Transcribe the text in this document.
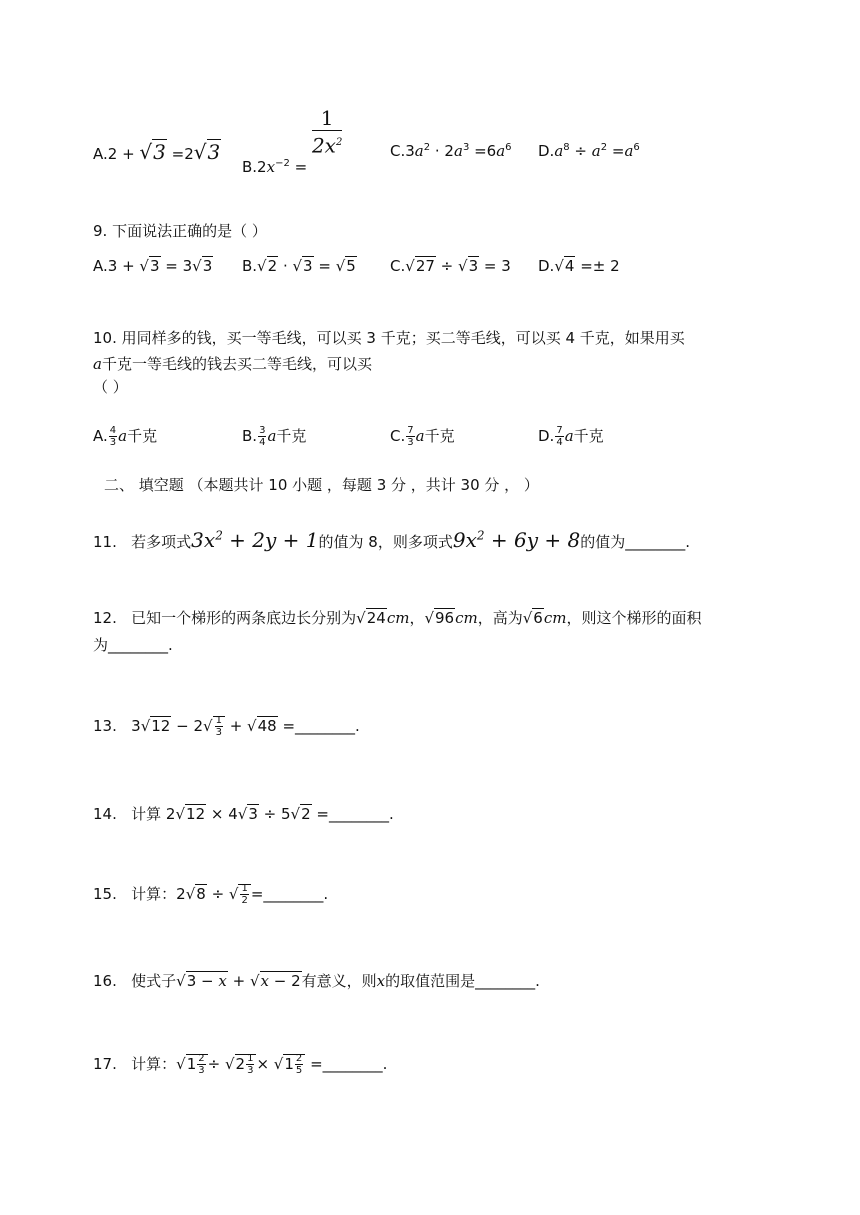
A.2 + √3 =2√3
$B.2x^{-2}$ =
$\frac{1}{2x^2}$	$C.3a^2 \cdot 2a^3 =6a^6$ $D.a^8 \div a^2 =a^6$
9. 下面说法正确的是（ ）
A.3 + √3 = 3√3 B.√2 · √3 = √5 C.√27 ÷ √3 = 3 D.√4 =± 2
10. 用同样多的钱，买一等毛线，可以买 3 千克；买二等毛线，可以买 4 千克，如果用买
a千克一等毛线的钱去买二等毛线，可以买
（ ）
A. $\frac{4}{3}$ a千克	B. $\frac{3}{4}$ a千克	C. $\frac{7}{3}$ a千克	D. $\frac{7}{4}$ a千克
二、 填空题 （本题共计 10 小题 ，每题 3 分 ，共计 30 分 ， ）
11.   若多项式$3x^2 + 2y + 1$的值为 8，则多项式$9x^2 + 6y + 8$的值为________.
12.   已知一个梯形的两条底边长分别为√24cm，√96cm，高为√6cm，则这个梯形的面积
为________.
13.   $3√12 - 2√ \frac{1}{3} + √48$ =________.
14.   计算 2√12 × 4√3 ÷ 5√2 =________.
15.   计算：2√8 ÷ √ $\frac{1}{2}$ =________.
16.   使式子√3 − x + √x − 2有意义，则x的取值范围是________.
17.   计算：$√1 \frac{2}{3} \div √2 \frac{1}{3} \times √1 \frac{2}{5}$ =________.
